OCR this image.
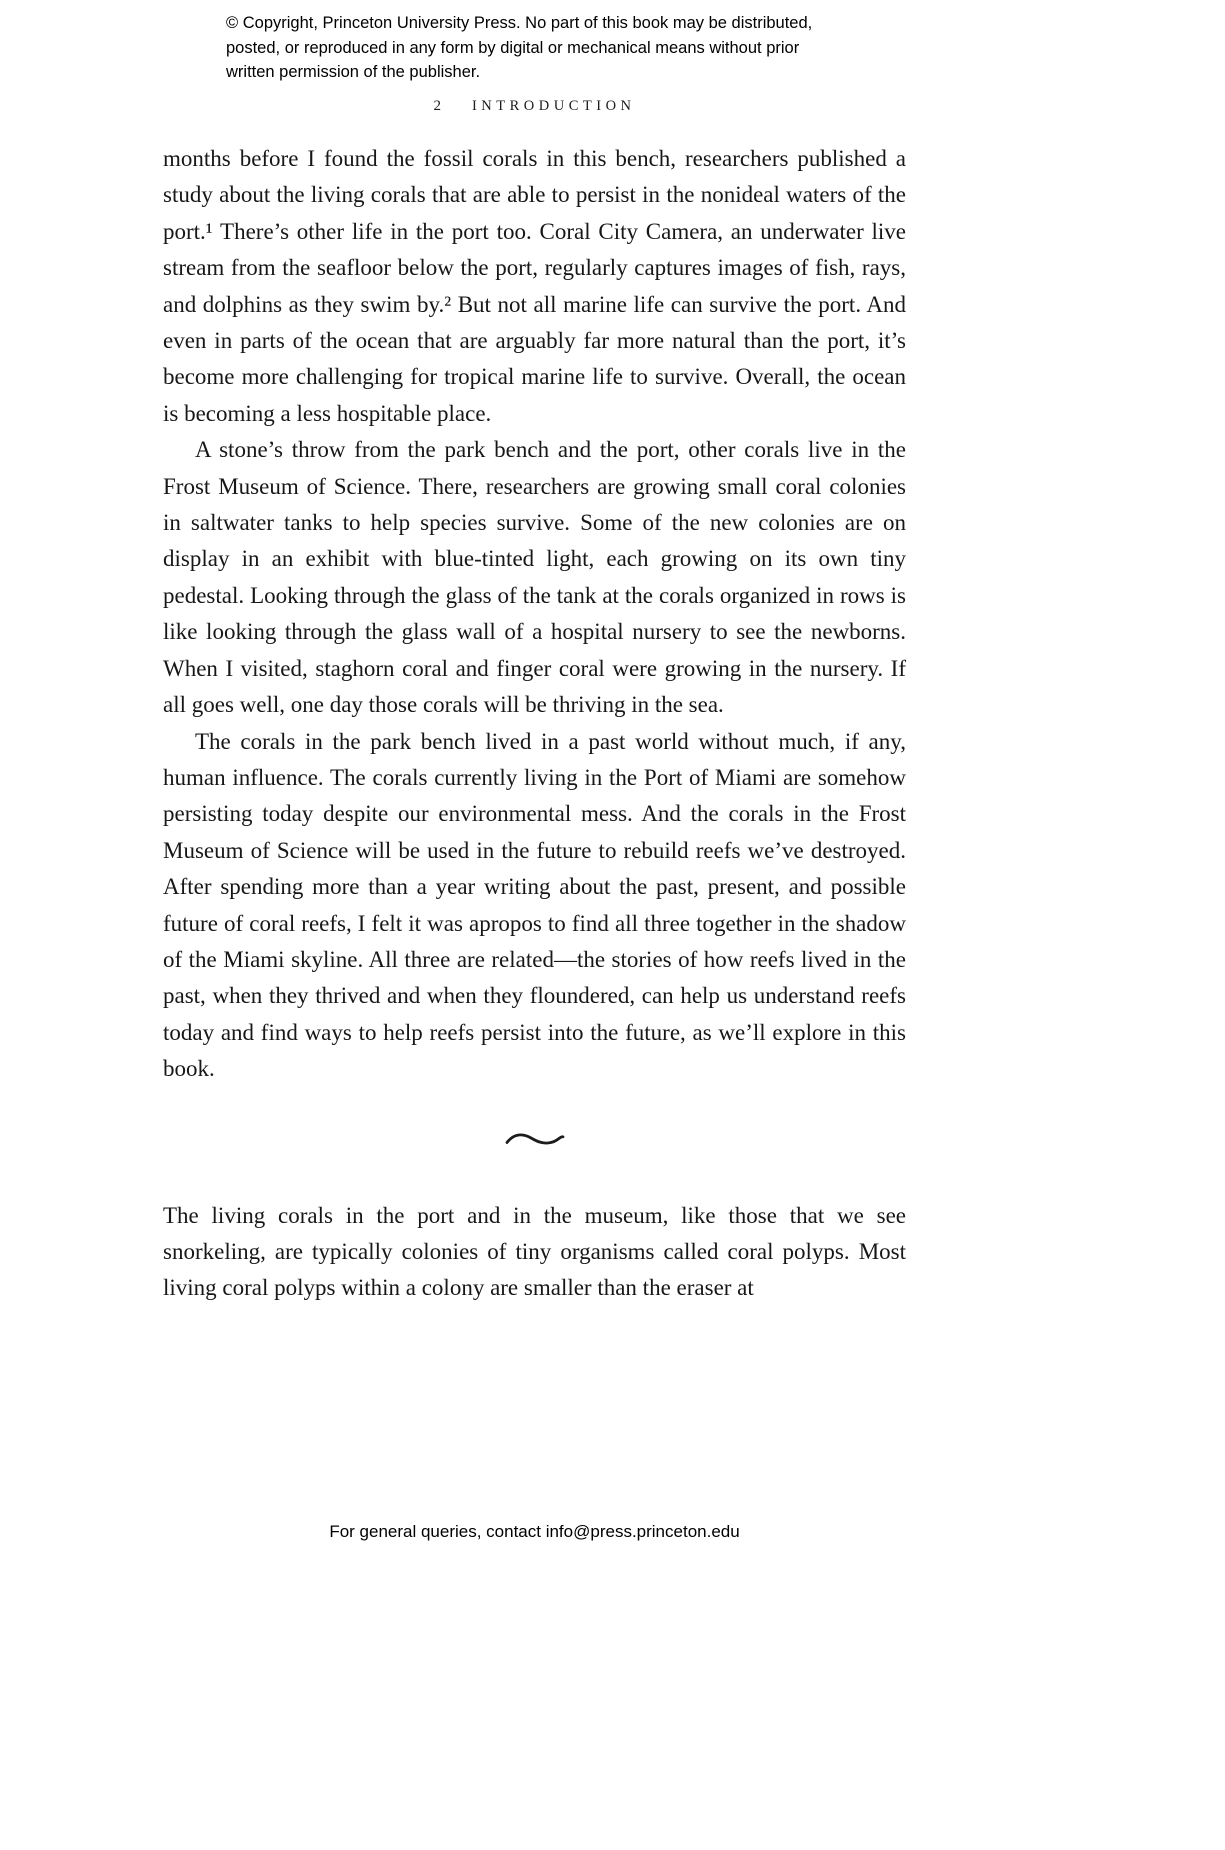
© Copyright, Princeton University Press. No part of this book may be distributed, posted, or reproduced in any form by digital or mechanical means without prior written permission of the publisher.
2 INTRODUCTION

months before I found the fossil corals in this bench, researchers published a study about the living corals that are able to persist in the nonideal waters of the port.¹ There’s other life in the port too. Coral City Camera, an underwater live stream from the seafloor below the port, regularly captures images of fish, rays, and dolphins as they swim by.² But not all marine life can survive the port. And even in parts of the ocean that are arguably far more natural than the port, it’s become more challenging for tropical marine life to survive. Overall, the ocean is becoming a less hospitable place.

A stone’s throw from the park bench and the port, other corals live in the Frost Museum of Science. There, researchers are growing small coral colonies in saltwater tanks to help species survive. Some of the new colonies are on display in an exhibit with blue-tinted light, each growing on its own tiny pedestal. Looking through the glass of the tank at the corals organized in rows is like looking through the glass wall of a hospital nursery to see the newborns. When I visited, staghorn coral and finger coral were growing in the nursery. If all goes well, one day those corals will be thriving in the sea.

The corals in the park bench lived in a past world without much, if any, human influence. The corals currently living in the Port of Miami are somehow persisting today despite our environmental mess. And the corals in the Frost Museum of Science will be used in the future to rebuild reefs we’ve destroyed. After spending more than a year writing about the past, present, and possible future of coral reefs, I felt it was apropos to find all three together in the shadow of the Miami skyline. All three are related—the stories of how reefs lived in the past, when they thrived and when they floundered, can help us understand reefs today and find ways to help reefs persist into the future, as we’ll explore in this book.

The living corals in the port and in the museum, like those that we see snorkeling, are typically colonies of tiny organisms called coral polyps. Most living coral polyps within a colony are smaller than the eraser at

For general queries, contact info@press.princeton.edu
